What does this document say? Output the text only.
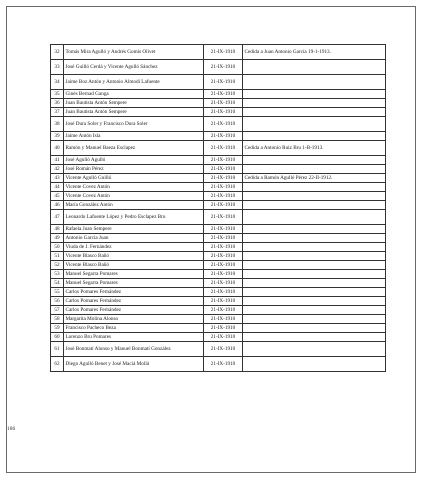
32	Tomás Mira Agulló y Andrés Gomis Olivet	21-IX-1910	Cedida a Juan Antonio García 19-1-1913.
33	José Guilló Cerdá y Vicente Agulló Sánchez	21-IX-1910	
34	Jaime Boz Antón y Antonio Almodí Lafuente	21-IX-1910	
35	Ginés Bernad Ganga	21-IX-1910	
36	Juan Bautista Antón Sempere	21-IX-1910	
37	Juan Bautista Antón Sempere	21-IX-1910	
38	José Dura Soler y Francisco Dura Soler	21-IX-1910	
39	Jaime Antón Isla	21-IX-1910	
40	Ramón y Manuel Baeza Esclapez	21-IX-1910	Cedida a Antonio Ruiz Bru 1-B-1913.
41	José Agulló Agulló	21-IX-1910	
42	José Román Pérez	21-IX-1910	
43	Vicente Agulló Guilló	21-IX-1910	Cedida a Ramón Agulló Pérez 22-II-1912.
44	Vicente Covez Antón	21-IX-1910	
45	Vicente Covez Antón	21-IX-1910	
46	María González Antón	21-IX-1910	
47	Leonardo Lafuente López y Pedro Esclapez Bru	21-IX-1910	
48	Rafaela Juan Sempere	21-IX-1910	
49	Antonio García Juan	21-IX-1910	
50	Viuda de J. Fernández	21-IX-1910	
51	Vicente Blasco Bañó	21-IX-1910	
52	Vicente Blasco Bañó	21-IX-1910	
53	Manuel Segarra Pomares	21-IX-1910	
54	Manuel Segarra Pomares	21-IX-1910	
55	Carlos Pomares Fernández	21-IX-1910	
56	Carlos Pomares Fernández	21-IX-1910	
57	Carlos Pomares Fernández	21-IX-1910	
58	Margarita Molina Alonso	21-IX-1910	
59	Francisco Pacheco Beza	21-IX-1910	
60	Lorenzo Bru Pomares	21-IX-1910	
61	José Bonmatí Alonso y Manuel Bonmatí González	21-IX-1910	
62	Diego Agulló Benet y José Maciá Mollá	21-IX-1910	
186
